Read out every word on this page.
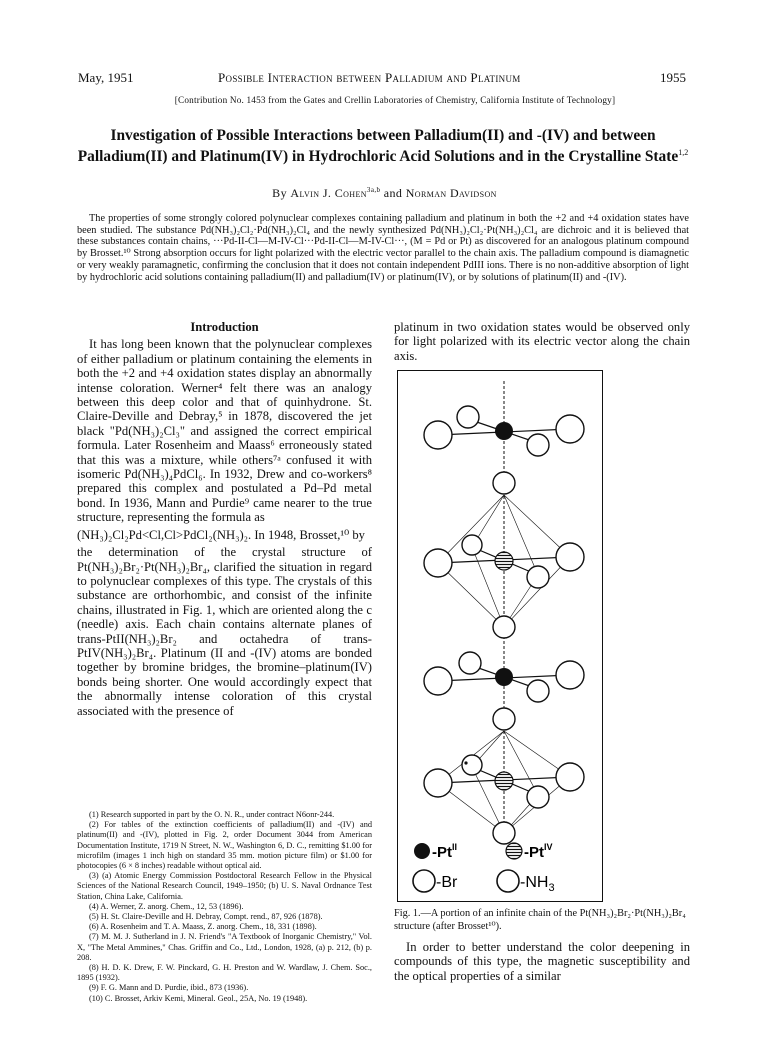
May, 1951	Possible Interaction between Palladium and Platinum	1955
[Contribution No. 1453 from the Gates and Crellin Laboratories of Chemistry, California Institute of Technology]
Investigation of Possible Interactions between Palladium(II) and -(IV) and between Palladium(II) and Platinum(IV) in Hydrochloric Acid Solutions and in the Crystalline State$^{1,2}$
By Alvin J. Cohen$^{3a,b}$ and Norman Davidson

The properties of some strongly colored polynuclear complexes containing palladium and platinum in both the +2 and +4 oxidation states have been studied. The substance Pd(NH₃)₂Cl₂·Pd(NH₃)₂Cl₄ and the newly synthesized Pd(NH₃)₂Cl₂·Pt(NH₃)₂Cl₄ are dichroic and it is believed that these substances contain chains, ···Pd-II-Cl—M-IV-Cl···Pd-II-Cl—M-IV-Cl···, (M = Pd or Pt) as discovered for an analogous platinum compound by Brosset.¹⁰ Strong absorption occurs for light polarized with the electric vector parallel to the chain axis. The palladium compound is diamagnetic or very weakly paramagnetic, confirming the conclusion that it does not contain independent PdIII ions. There is no non-additive absorption of light by hydrochloric acid solutions containing palladium(II) and palladium(IV) or platinum(IV), or by solutions of platinum(II) and -(IV).

Introduction

It has long been known that the polynuclear complexes of either palladium or platinum containing the elements in both the +2 and +4 oxidation states display an abnormally intense coloration. Werner⁴ felt there was an analogy between this deep color and that of quinhydrone. St. Claire-Deville and Debray,⁵ in 1878, discovered the jet black "Pd(NH₃)₂Cl₃" and assigned the correct empirical formula. Later Rosenheim and Maass⁶ erroneously stated that this was a mixture, while others⁷ᵃ confused it with isomeric Pd(NH₃)₄PdCl₆. In 1932, Drew and co-workers⁸ prepared this complex and postulated a Pd–Pd metal bond. In 1936, Mann and Purdie⁹ came nearer to the true structure, representing the formula as

(NH₃)₂Cl₂Pd<Cl,Cl>PdCl₂(NH₃)₂. In 1948, Brosset,¹⁰ by

the determination of the crystal structure of Pt(NH₃)₂Br₂·Pt(NH₃)₂Br₄, clarified the situation in regard to polynuclear complexes of this type. The crystals of this substance are orthorhombic, and consist of the infinite chains, illustrated in Fig. 1, which are oriented along the c (needle) axis. Each chain contains alternate planes of trans-PtII(NH₃)₂Br₂ and octahedra of trans-PtIV(NH₃)₂Br₄. Platinum (II and -(IV) atoms are bonded together by bromine bridges, the bromine–platinum(IV) bonds being shorter. One would accordingly expect that the abnormally intense coloration of this crystal associated with the presence of

(1) Research supported in part by the O. N. R., under contract N6onr-244.

(2) For tables of the extinction coefficients of palladium(II) and -(IV) and platinum(II) and -(IV), plotted in Fig. 2, order Document 3044 from American Documentation Institute, 1719 N Street, N. W., Washington 6, D. C., remitting $1.00 for microfilm (images 1 inch high on standard 35 mm. motion picture film) or $1.00 for photocopies (6 × 8 inches) readable without optical aid.

(3) (a) Atomic Energy Commission Postdoctoral Research Fellow in the Physical Sciences of the National Research Council, 1949–1950; (b) U. S. Naval Ordnance Test Station, China Lake, California.

(4) A. Werner, Z. anorg. Chem., 12, 53 (1896).

(5) H. St. Claire-Deville and H. Debray, Compt. rend., 87, 926 (1878).

(6) A. Rosenheim and T. A. Maass, Z. anorg. Chem., 18, 331 (1898).

(7) M. M. J. Sutherland in J. N. Friend's "A Textbook of Inorganic Chemistry," Vol. X, "The Metal Ammines," Chas. Griffin and Co., Ltd., London, 1928, (a) p. 212, (b) p. 208.

(8) H. D. K. Drew, F. W. Pinckard, G. H. Preston and W. Wardlaw, J. Chem. Soc., 1895 (1932).

(9) F. G. Mann and D. Purdie, ibid., 873 (1936).

(10) C. Brosset, Arkiv Kemi, Mineral. Geol., 25A, No. 19 (1948).

platinum in two oxidation states would be observed only for light polarized with its electric vector along the chain axis.

$-Pt^{II}$	$-Pt^{IV}$
-Br	$-NH_3$
Fig. 1.—A portion of an infinite chain of the Pt(NH₃)₂Br₂·Pt(NH₃)₂Br₄ structure (after Brosset¹⁰).

In order to better understand the color deepening in compounds of this type, the magnetic susceptibility and the optical properties of a similar
